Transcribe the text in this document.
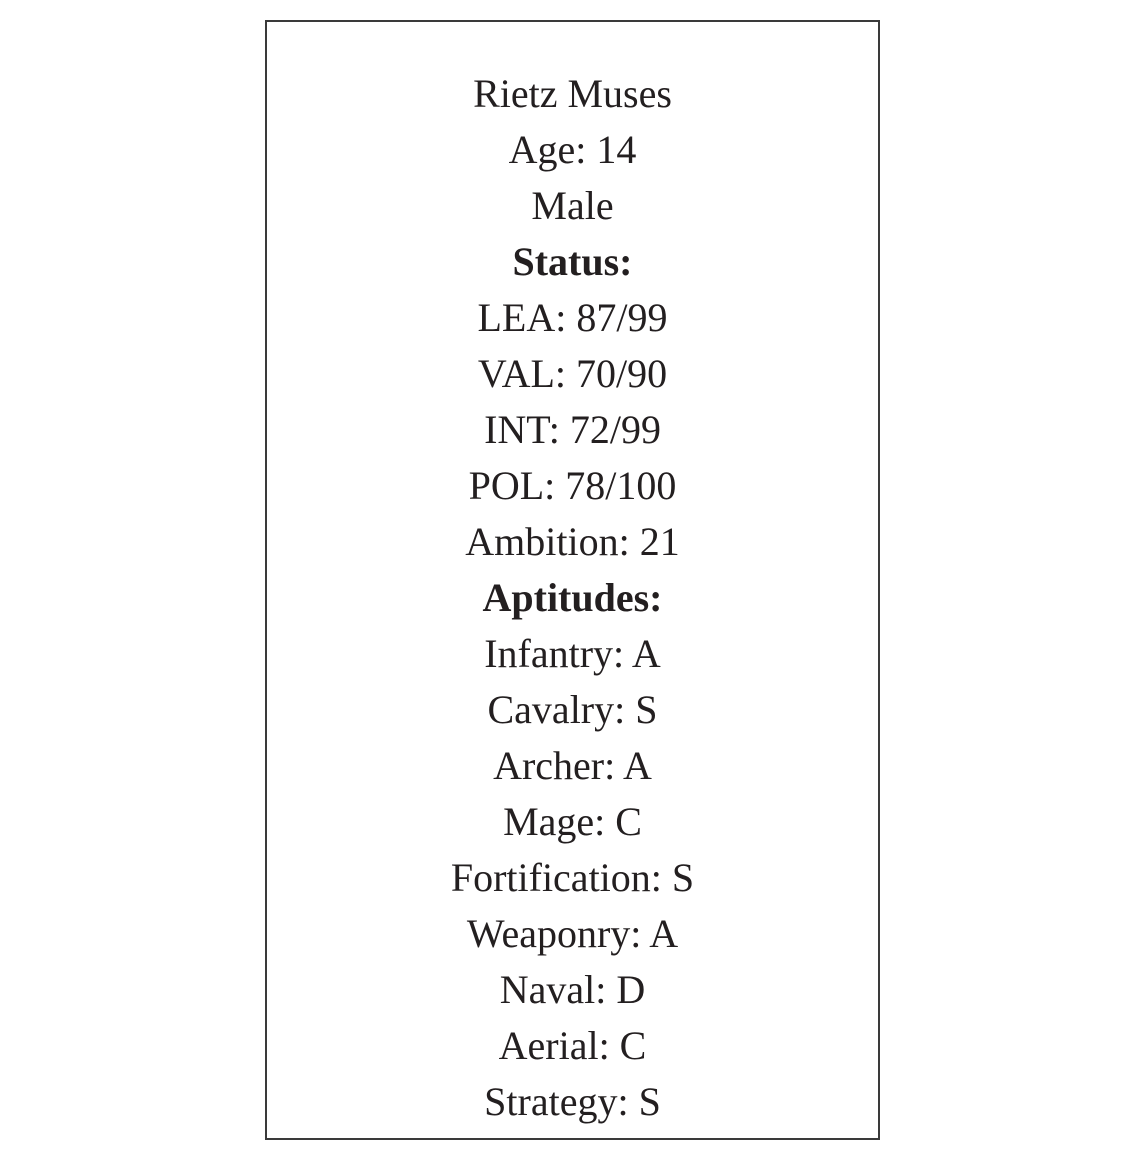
Rietz Muses
Age: 14
Male
Status:
LEA: 87/99
VAL: 70/90
INT: 72/99
POL: 78/100
Ambition: 21
Aptitudes:
Infantry: A
Cavalry: S
Archer: A
Mage: C
Fortification: S
Weaponry: A
Naval: D
Aerial: C
Strategy: S
